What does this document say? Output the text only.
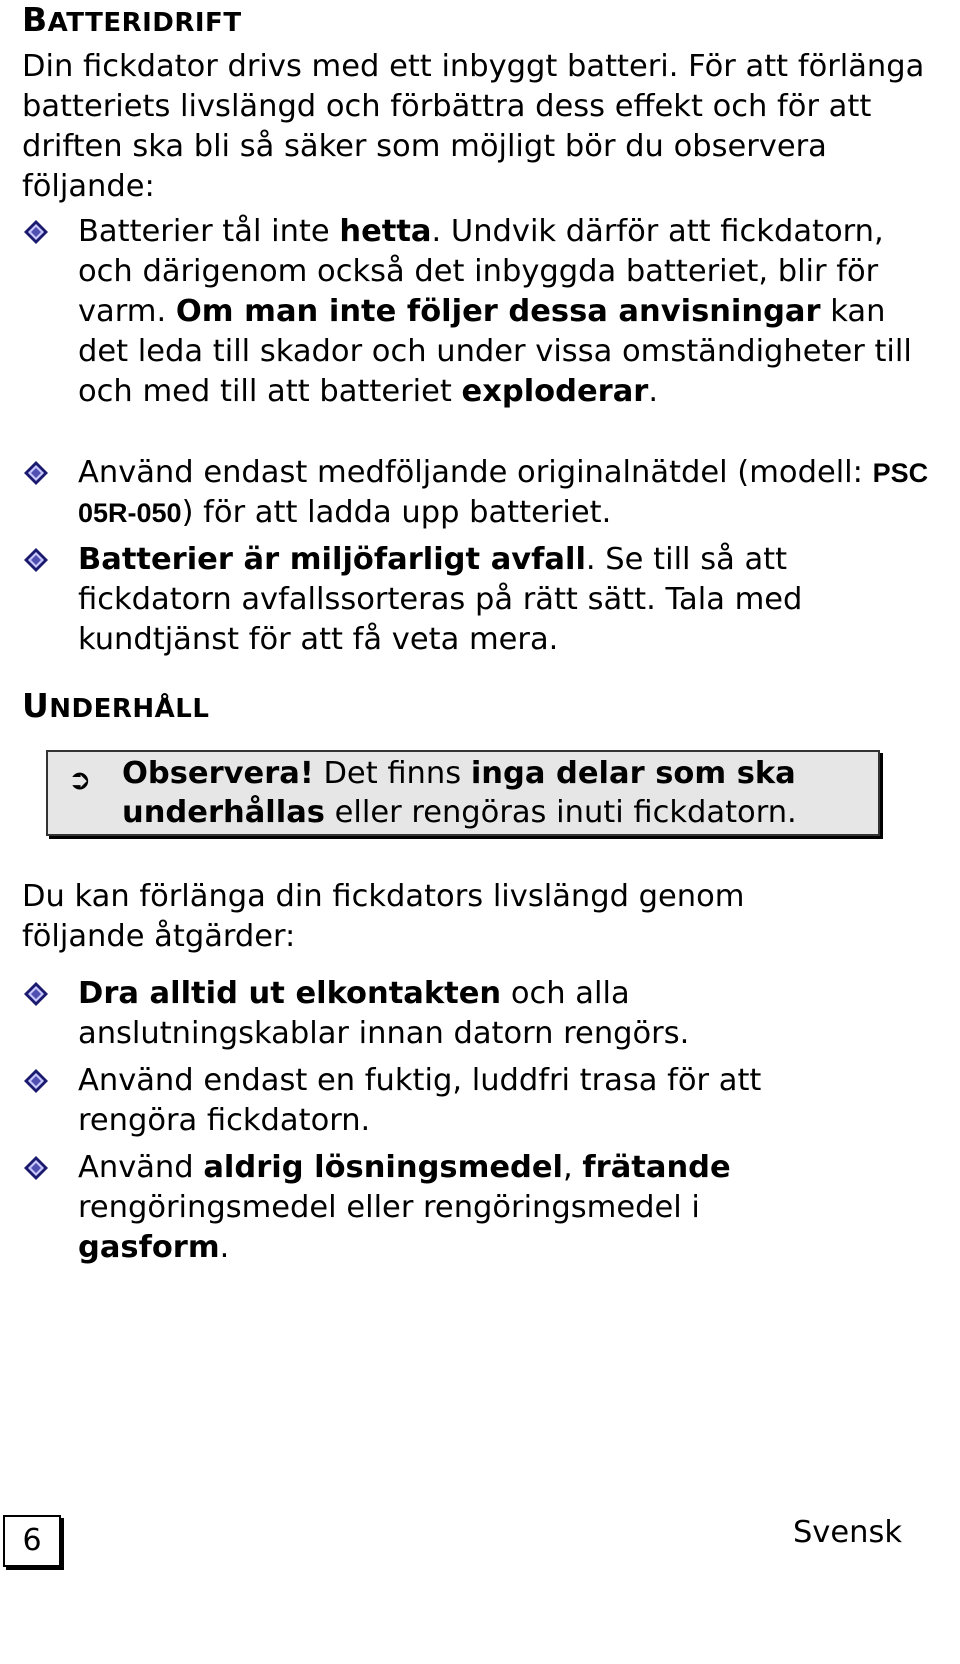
BATTERIDRIFT
Din fickdator drivs med ett inbyggt batteri. För att förlänga batteriets livslängd och förbättra dess effekt och för att driften ska bli så säker som möjligt bör du observera följande:
Batterier tål inte hetta. Undvik därför att fickdatorn, och därigenom också det inbyggda batteriet, blir för varm. Om man inte följer dessa anvisningar kan det leda till skador och under vissa omständigheter till och med till att batteriet exploderar.
Använd endast medföljande originalnätdel (modell: PSC 05R-050) för att ladda upp batteriet.
Batterier är miljöfarligt avfall. Se till så att fickdatorn avfallssorteras på rätt sätt. Tala med kundtjänst för att få veta mera.
UNDERHÅLL
➲ Observera! Det finns inga delar som ska underhållas eller rengöras inuti fickdatorn.
Du kan förlänga din fickdators livslängd genom följande åtgärder:
Dra alltid ut elkontakten och alla anslutningskablar innan datorn rengörs.
Använd endast en fuktig, luddfri trasa för att rengöra fickdatorn.
Använd aldrig lösningsmedel, frätande rengöringsmedel eller rengöringsmedel i gasform.
6	Svensk
